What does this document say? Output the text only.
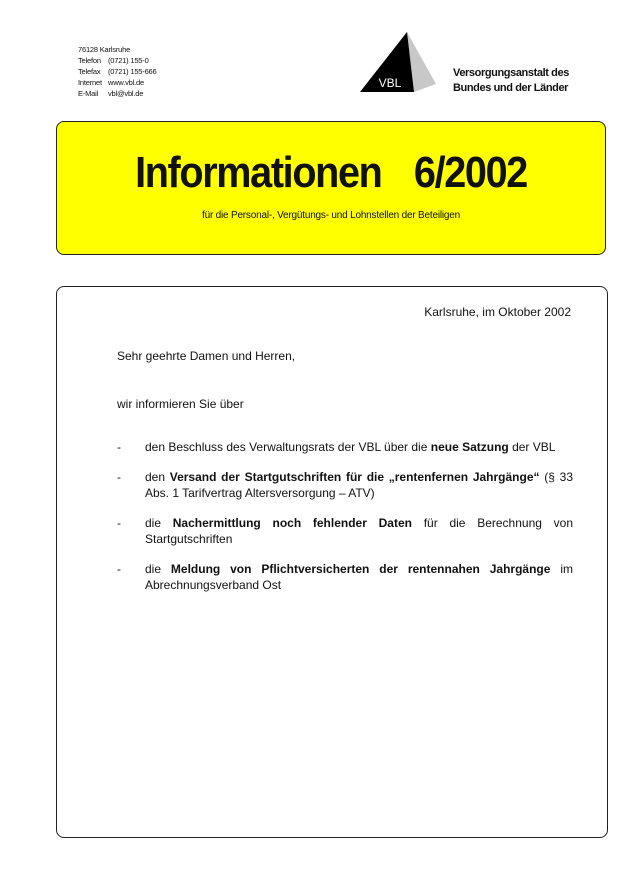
76128 Karlsruhe
Telefon (0721) 155-0
Telefax	(0721) 155-666
Internet www.vbl.de
E-Mail	vbl@vbl.de
VBL
Versorgungsanstalt des
Bundes und der Länder
Informationen 6/2002
für die Personal-, Vergütungs- und Lohnstellen der Beteiligen
Karlsruhe, im Oktober 2002
Sehr geehrte Damen und Herren,
wir informieren Sie über
-	den Beschluss des Verwaltungsrats der VBL über die neue Satzung der VBL
-	den Versand der Startgutschriften für die „rentenfernen Jahrgänge“ (§ 33 Abs. 1 Tarifvertrag Altersversorgung – ATV)
-	die Nachermittlung noch fehlender Daten für die Berechnung von Startgutschriften
-	die Meldung von Pflichtversicherten der rentennahen Jahrgänge im Abrechnungsverband Ost
